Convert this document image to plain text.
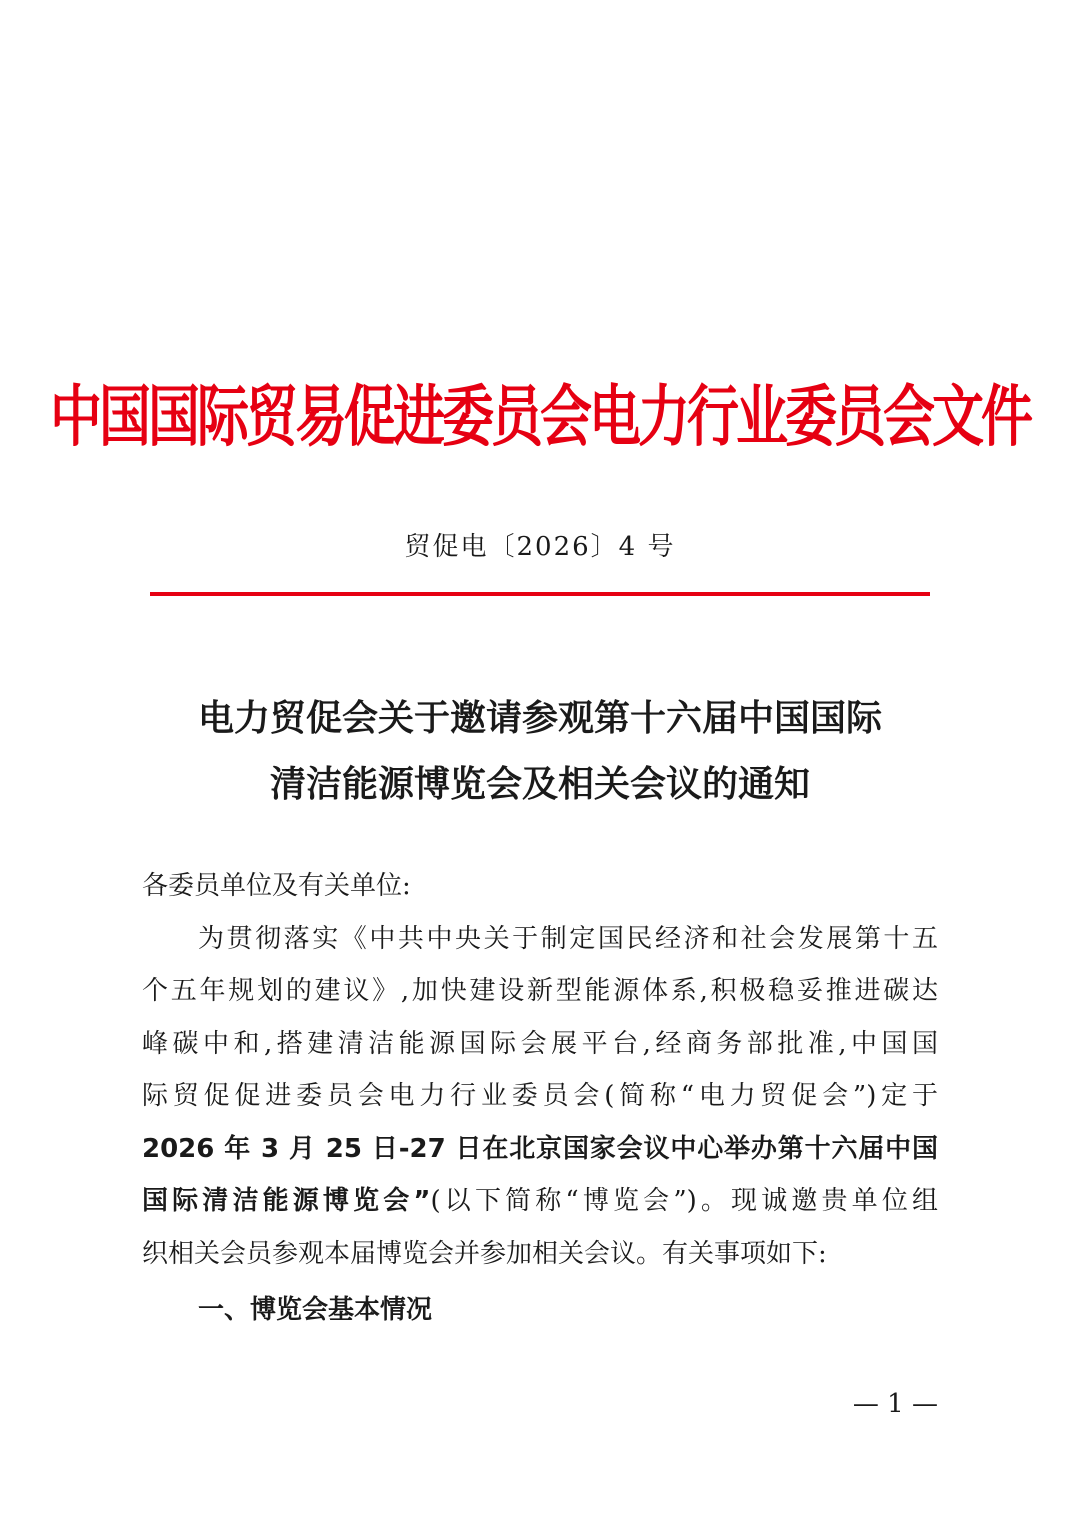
中国国际贸易促进委员会电力行业委员会文件
贸促电〔2026〕4 号
电力贸促会关于邀请参观第十六届中国国际
清洁能源博览会及相关会议的通知
各委员单位及有关单位:
为贯彻落实《中共中央关于制定国民经济和社会发展第十五
个五年规划的建议》,加快建设新型能源体系,积极稳妥推进碳达
峰碳中和,搭建清洁能源国际会展平台,经商务部批准,中国国
际贸促促进委员会电力行业委员会(简称“电力贸促会”)定于
2026 年 3 月 25 日-27 日在北京国家会议中心举办第十六届中国
国际清洁能源博览会”(以下简称“博览会”)。现诚邀贵单位组
织相关会员参观本届博览会并参加相关会议。有关事项如下:
一、博览会基本情况
— 1 —
